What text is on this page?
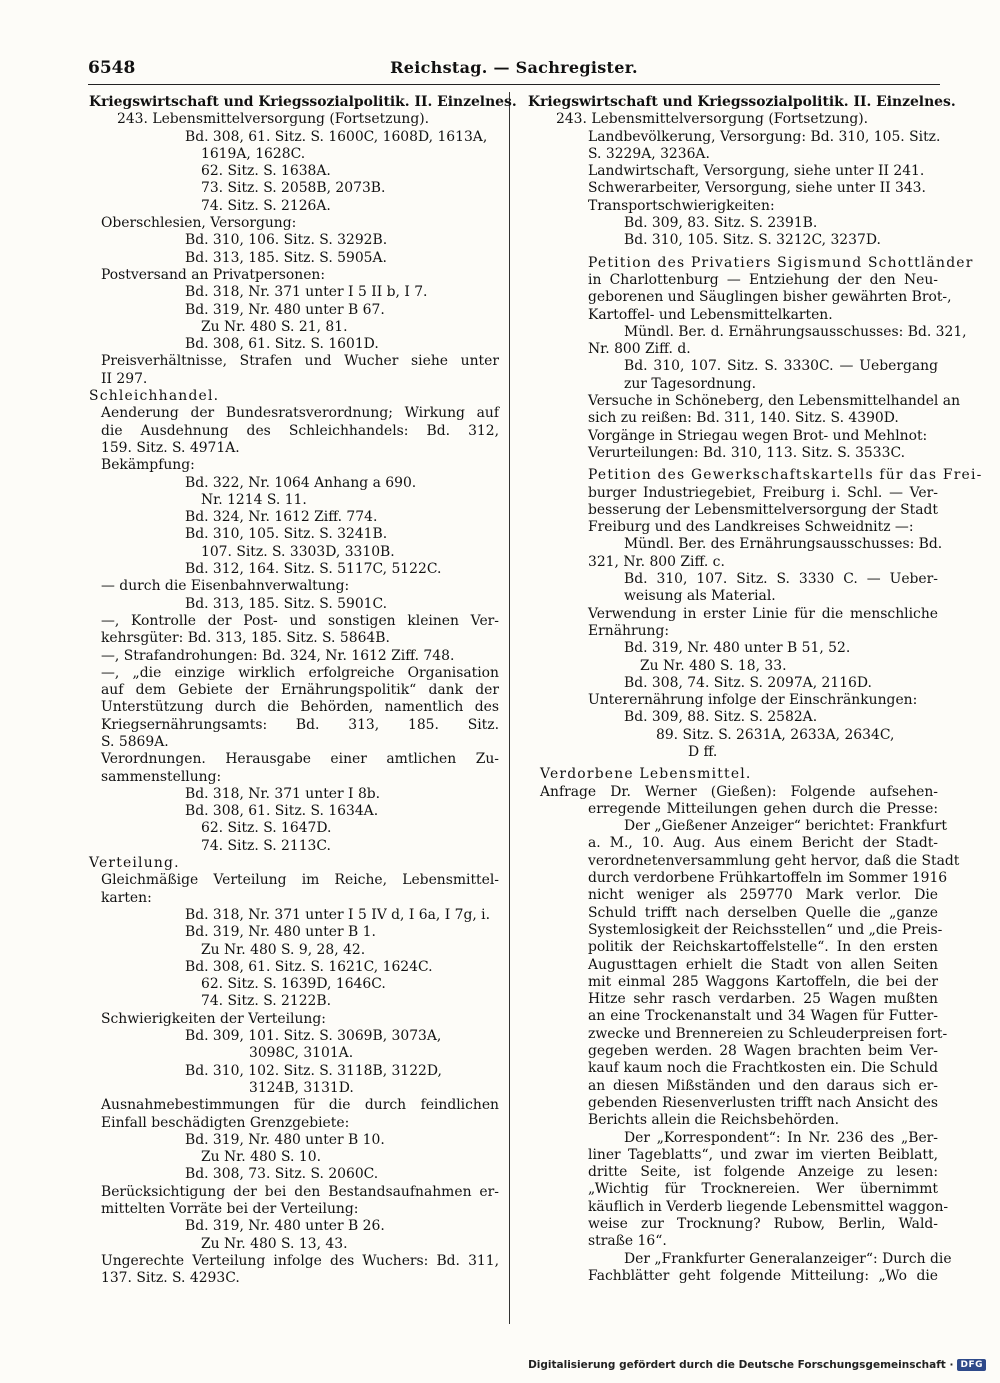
6548	Reichstag. — Sachregister.
Kriegswirtschaft und Kriegssozialpolitik. II. Einzelnes.
243. Lebensmittelversorgung (Fortsetzung).
Bd. 308, 61. Sitz. S. 1600C, 1608D, 1613A,
1619A, 1628C.
62. Sitz. S. 1638A.
73. Sitz. S. 2058B, 2073B.
74. Sitz. S. 2126A.
Oberschlesien, Versorgung:
Bd. 310, 106. Sitz. S. 3292B.
Bd. 313, 185. Sitz. S. 5905A.
Postversand an Privatpersonen:
Bd. 318, Nr. 371 unter I 5 II b, I 7.
Bd. 319, Nr. 480 unter B 67.
Zu Nr. 480 S. 21, 81.
Bd. 308, 61. Sitz. S. 1601D.
Preisverhältnisse, Strafen und Wucher siehe unter
II 297.
Schleichhandel.
Aenderung der Bundesratsverordnung; Wirkung auf
die Ausdehnung des Schleichhandels: Bd. 312,
159. Sitz. S. 4971A.
Bekämpfung:
Bd. 322, Nr. 1064 Anhang a 690.
Nr. 1214 S. 11.
Bd. 324, Nr. 1612 Ziff. 774.
Bd. 310, 105. Sitz. S. 3241B.
107. Sitz. S. 3303D, 3310B.
Bd. 312, 164. Sitz. S. 5117C, 5122C.
— durch die Eisenbahnverwaltung:
Bd. 313, 185. Sitz. S. 5901C.
—, Kontrolle der Post- und sonstigen kleinen Ver-
kehrsgüter: Bd. 313, 185. Sitz. S. 5864B.
—, Strafandrohungen: Bd. 324, Nr. 1612 Ziff. 748.
—, „die einzige wirklich erfolgreiche Organisation
auf dem Gebiete der Ernährungspolitik“ dank der
Unterstützung durch die Behörden, namentlich des
Kriegsernährungsamts: Bd. 313, 185. Sitz.
S. 5869A.
Verordnungen. Herausgabe einer amtlichen Zu-
sammenstellung:
Bd. 318, Nr. 371 unter I 8b.
Bd. 308, 61. Sitz. S. 1634A.
62. Sitz. S. 1647D.
74. Sitz. S. 2113C.
Verteilung.
Gleichmäßige Verteilung im Reiche, Lebensmittel-
karten:
Bd. 318, Nr. 371 unter I 5 IV d, I 6a, I 7g, i.
Bd. 319, Nr. 480 unter B 1.
Zu Nr. 480 S. 9, 28, 42.
Bd. 308, 61. Sitz. S. 1621C, 1624C.
62. Sitz. S. 1639D, 1646C.
74. Sitz. S. 2122B.
Schwierigkeiten der Verteilung:
Bd. 309, 101. Sitz. S. 3069B, 3073A,
3098C, 3101A.
Bd. 310, 102. Sitz. S. 3118B, 3122D,
3124B, 3131D.
Ausnahmebestimmungen für die durch feindlichen
Einfall beschädigten Grenzgebiete:
Bd. 319, Nr. 480 unter B 10.
Zu Nr. 480 S. 10.
Bd. 308, 73. Sitz. S. 2060C.
Berücksichtigung der bei den Bestandsaufnahmen er-
mittelten Vorräte bei der Verteilung:
Bd. 319, Nr. 480 unter B 26.
Zu Nr. 480 S. 13, 43.
Ungerechte Verteilung infolge des Wuchers: Bd. 311,
137. Sitz. S. 4293C.
Kriegswirtschaft und Kriegssozialpolitik. II. Einzelnes.
243. Lebensmittelversorgung (Fortsetzung).
Landbevölkerung, Versorgung: Bd. 310, 105. Sitz.
S. 3229A, 3236A.
Landwirtschaft, Versorgung, siehe unter II 241.
Schwerarbeiter, Versorgung, siehe unter II 343.
Transportschwierigkeiten:
Bd. 309, 83. Sitz. S. 2391B.
Bd. 310, 105. Sitz. S. 3212C, 3237D.
Petition des Privatiers Sigismund Schottländer
in Charlottenburg — Entziehung der den Neu-
geborenen und Säuglingen bisher gewährten Brot-,
Kartoffel- und Lebensmittelkarten.
Mündl. Ber. d. Ernährungsausschusses: Bd. 321,
Nr. 800 Ziff. d.
Bd. 310, 107. Sitz. S. 3330C. — Uebergang
zur Tagesordnung.
Versuche in Schöneberg, den Lebensmittelhandel an
sich zu reißen: Bd. 311, 140. Sitz. S. 4390D.
Vorgänge in Striegau wegen Brot- und Mehlnot:
Verurteilungen: Bd. 310, 113. Sitz. S. 3533C.
Petition des Gewerkschaftskartells für das Frei-
burger Industriegebiet, Freiburg i. Schl. — Ver-
besserung der Lebensmittelversorgung der Stadt
Freiburg und des Landkreises Schweidnitz —:
Mündl. Ber. des Ernährungsausschusses: Bd.
321, Nr. 800 Ziff. c.
Bd. 310, 107. Sitz. S. 3330 C. — Ueber-
weisung als Material.
Verwendung in erster Linie für die menschliche
Ernährung:
Bd. 319, Nr. 480 unter B 51, 52.
Zu Nr. 480 S. 18, 33.
Bd. 308, 74. Sitz. S. 2097A, 2116D.
Unterernährung infolge der Einschränkungen:
Bd. 309, 88. Sitz. S. 2582A.
89. Sitz. S. 2631A, 2633A, 2634C,
D ff.
Verdorbene Lebensmittel.
Anfrage Dr. Werner (Gießen): Folgende aufsehen-
erregende Mitteilungen gehen durch die Presse:
Der „Gießener Anzeiger“ berichtet: Frankfurt
a. M., 10. Aug. Aus einem Bericht der Stadt-
verordnetenversammlung geht hervor, daß die Stadt
durch verdorbene Frühkartoffeln im Sommer 1916
nicht weniger als 259770 Mark verlor. Die
Schuld trifft nach derselben Quelle die „ganze
Systemlosigkeit der Reichsstellen“ und „die Preis-
politik der Reichskartoffelstelle“. In den ersten
Augusttagen erhielt die Stadt von allen Seiten
mit einmal 285 Waggons Kartoffeln, die bei der
Hitze sehr rasch verdarben. 25 Wagen mußten
an eine Trockenanstalt und 34 Wagen für Futter-
zwecke und Brennereien zu Schleuderpreisen fort-
gegeben werden. 28 Wagen brachten beim Ver-
kauf kaum noch die Frachtkosten ein. Die Schuld
an diesen Mißständen und den daraus sich er-
gebenden Riesenverlusten trifft nach Ansicht des
Berichts allein die Reichsbehörden.
Der „Korrespondent“: In Nr. 236 des „Ber-
liner Tageblatts“, und zwar im vierten Beiblatt,
dritte Seite, ist folgende Anzeige zu lesen:
„Wichtig für Trocknereien. Wer übernimmt
käuflich in Verderb liegende Lebensmittel waggon-
weise zur Trocknung? Rubow, Berlin, Wald-
straße 16“.
Der „Frankfurter Generalanzeiger“: Durch die
Fachblätter geht folgende Mitteilung: „Wo die
Digitalisierung gefördert durch die Deutsche Forschungsgemeinschaft · DFG
